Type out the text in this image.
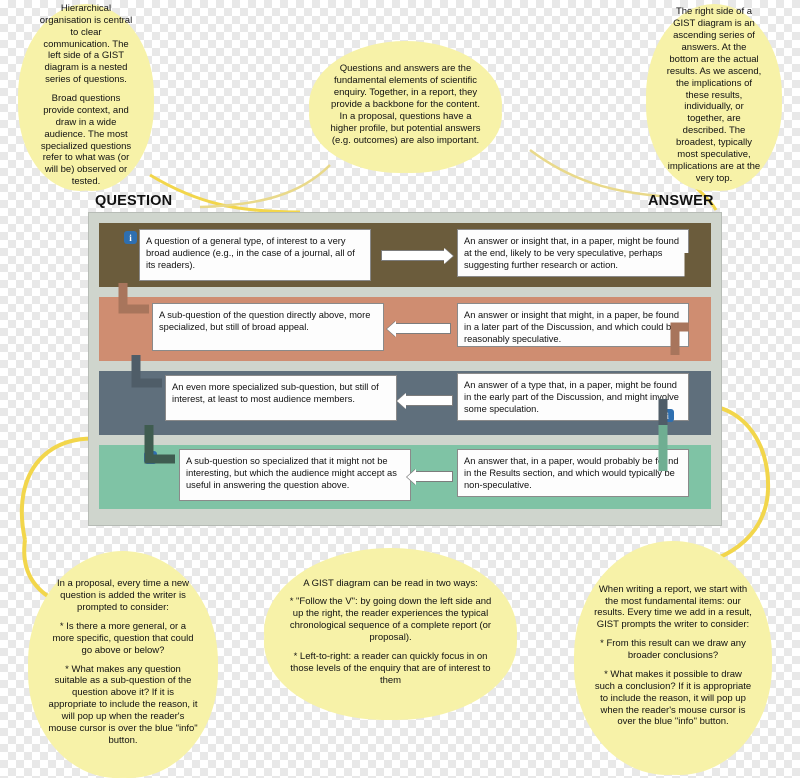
Hierarchical organisation is central to clear communication. The left side of a GIST diagram is a nested series of questions.

Broad questions provide context, and draw in a wide audience. The most specialized questions refer to what was (or will be) observed or tested.

Questions and answers are the fundamental elements of scientific enquiry. Together, in a report, they provide a backbone for the content. In a proposal, questions have a higher profile, but potential answers (e.g. outcomes) are also important.

The right side of a GIST diagram is an ascending series of answers. At the bottom are the actual results. As we ascend, the implications of these results, individually, or together, are described. The broadest, typically most speculative, implications are at the very top.

In a proposal, every time a new question is added the writer is prompted to consider:

* Is there a more general, or a more specific, question that could go above or below?

* What makes any question suitable as a sub-question of the question above it? If it is appropriate to include the reason, it will pop up when the reader's mouse cursor is over the blue "info" button.

A GIST diagram can be read in two ways:

* "Follow the V": by going down the left side and up the right, the reader experiences the typical chronological sequence of a complete report (or proposal).

* Left-to-right: a reader can quickly focus in on those levels of the enquiry that are of interest to them

When writing a report, we start with the most fundamental items: our results. Every time we add in a result, GIST prompts the writer to consider:

* From this result can we draw any broader conclusions?

* What makes it possible to draw such a conclusion? If it is appropriate to include the reason, it will pop up when the reader's mouse cursor is over the blue "info" button.

QUESTION	ANSWER
i	A question of a general type, of interest to a very broad audience (e.g., in the case of a journal, all of its readers).
An answer or insight that, in a paper, might be found at the end, likely to be very speculative, perhaps suggesting further research or action.
A sub-question of the question directly above, more specialized, but still of broad appeal.
An answer or insight that might, in a paper, be found in a later part of the Discussion, and which could be reasonably speculative.
An even more specialized sub-question, but still of interest, at least to most audience members.
An answer of a type that, in a paper, might be found in the early part of the Discussion, and might involve some speculation.
i	A sub-question so specialized that it might not be interesting, but which the audience might accept as useful in answering the question above.
An answer that, in a paper, would probably be found in the Results section, and which would typically be non-speculative.
i
